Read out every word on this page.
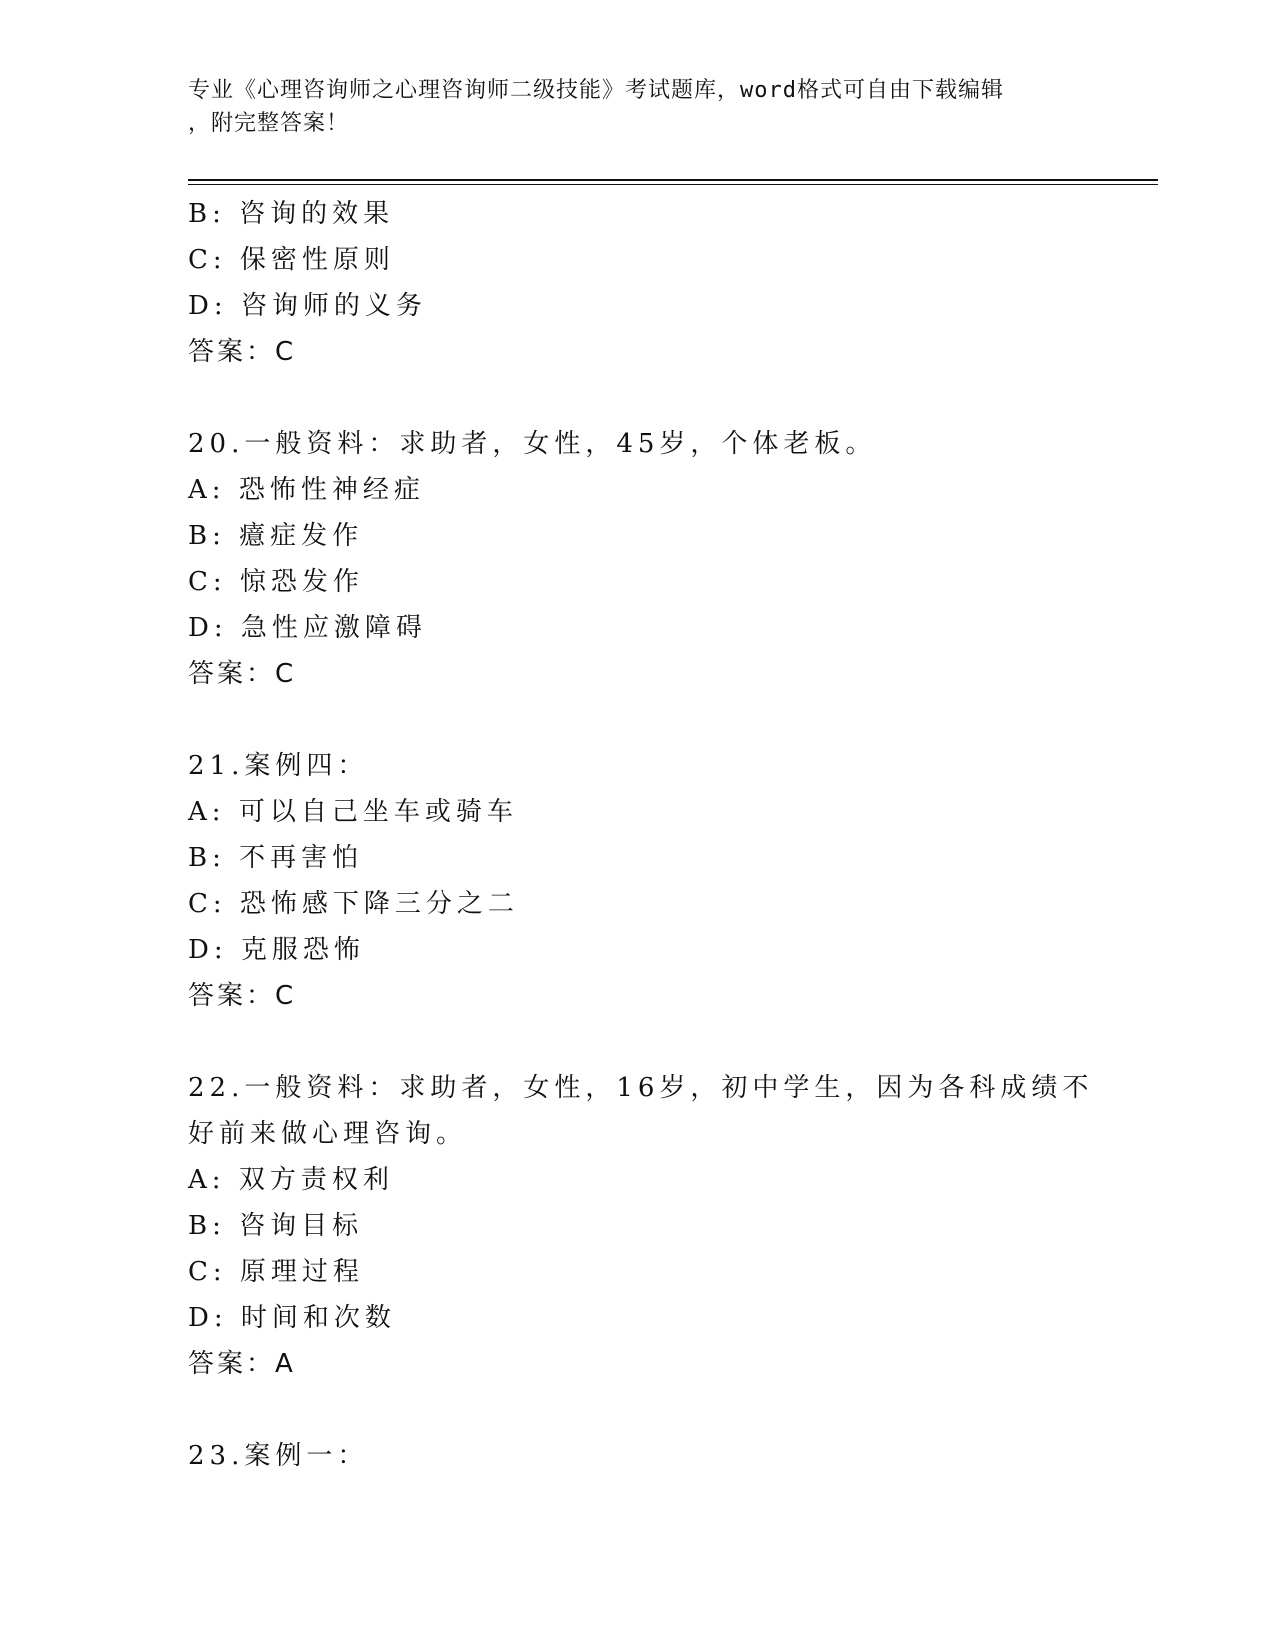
专业《心理咨询师之心理咨询师二级技能》考试题库，word格式可自由下载编辑
，附完整答案！
B: 咨询的效果
C: 保密性原则
D: 咨询师的义务
答案：C
20.一般资料：求助者，女性，45岁，个体老板。
A: 恐怖性神经症
B: 癔症发作
C: 惊恐发作
D: 急性应激障碍
答案：C
21.案例四：
A: 可以自己坐车或骑车
B: 不再害怕
C: 恐怖感下降三分之二
D: 克服恐怖
答案：C
22.一般资料：求助者，女性，16岁，初中学生，因为各科成绩不好前来做心理咨询。
A: 双方责权利
B: 咨询目标
C: 原理过程
D: 时间和次数
答案：A
23.案例一：
